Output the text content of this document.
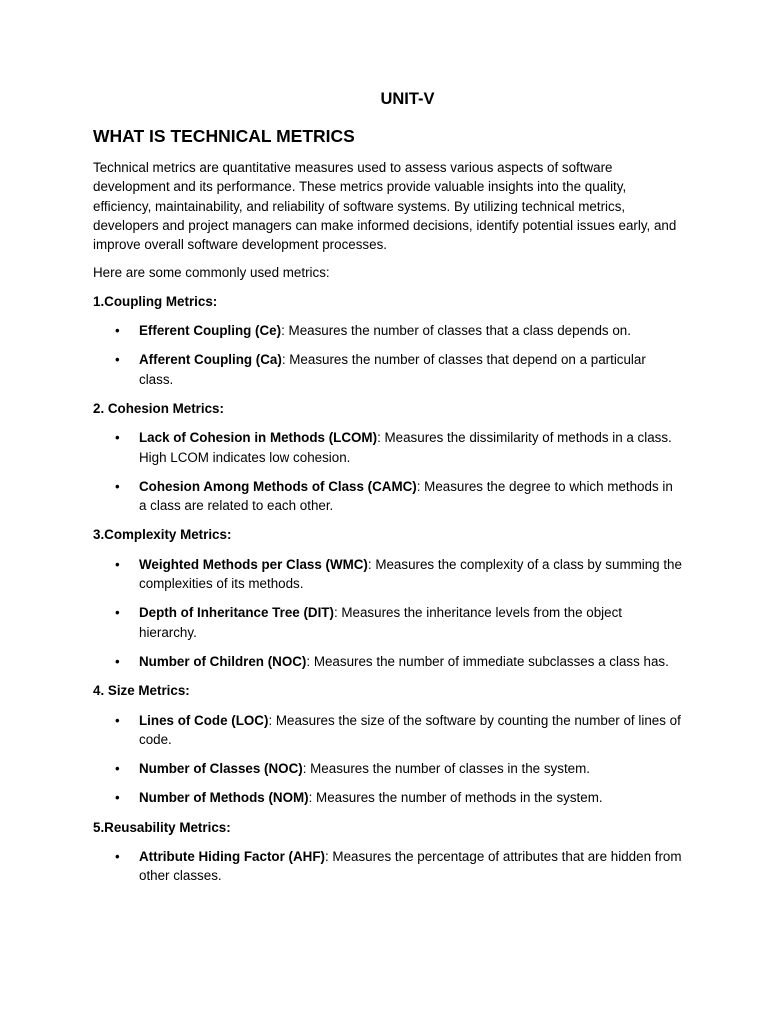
UNIT-V
WHAT IS TECHNICAL METRICS

Technical metrics are quantitative measures used to assess various aspects of software development and its performance. These metrics provide valuable insights into the quality, efficiency, maintainability, and reliability of software systems. By utilizing technical metrics, developers and project managers can make informed decisions, identify potential issues early, and improve overall software development processes.

Here are some commonly used metrics:

1.Coupling Metrics:
• Efferent Coupling (Ce): Measures the number of classes that a class depends on.
• Afferent Coupling (Ca): Measures the number of classes that depend on a particular class.
2. Cohesion Metrics:
• Lack of Cohesion in Methods (LCOM): Measures the dissimilarity of methods in a class. High LCOM indicates low cohesion.
• Cohesion Among Methods of Class (CAMC): Measures the degree to which methods in a class are related to each other.
3.Complexity Metrics:
• Weighted Methods per Class (WMC): Measures the complexity of a class by summing the complexities of its methods.
• Depth of Inheritance Tree (DIT): Measures the inheritance levels from the object hierarchy.
• Number of Children (NOC): Measures the number of immediate subclasses a class has.
4. Size Metrics:
• Lines of Code (LOC): Measures the size of the software by counting the number of lines of code.
• Number of Classes (NOC): Measures the number of classes in the system.
• Number of Methods (NOM): Measures the number of methods in the system.
5.Reusability Metrics:
• Attribute Hiding Factor (AHF): Measures the percentage of attributes that are hidden from other classes.
